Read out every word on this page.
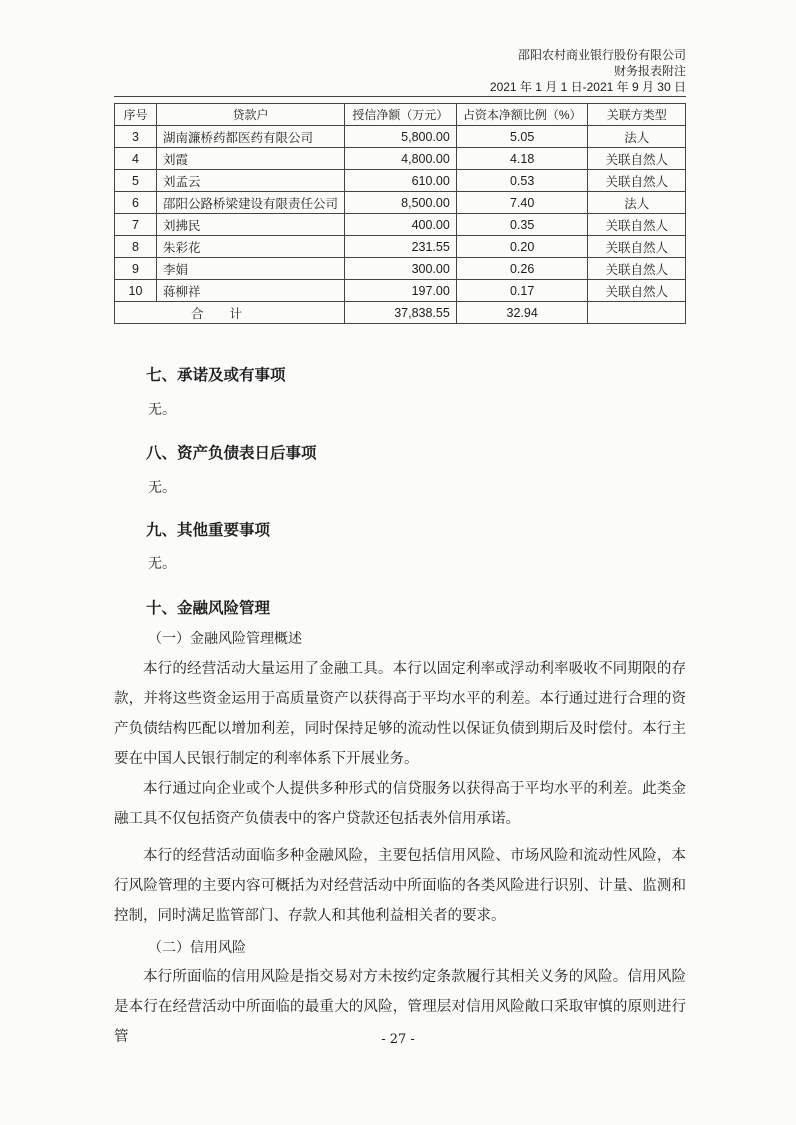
邵阳农村商业银行股份有限公司
财务报表附注
2021 年 1 月 1 日-2021 年 9 月 30 日
序号	贷款户	授信净额（万元）	占资本净额比例（%）	关联方类型
3	湖南濂桥药都医药有限公司	5,800.00	5.05	法人
4	刘霞	4,800.00	4.18	关联自然人
5	刘孟云	610.00	0.53	关联自然人
6	邵阳公路桥梁建设有限责任公司	8,500.00	7.40	法人
7	刘拂民	400.00	0.35	关联自然人
8	朱彩花	231.55	0.20	关联自然人
9	李娟	300.00	0.26	关联自然人
10	蒋柳祥	197.00	0.17	关联自然人
合计		37,838.55	32.94	
七、承诺及或有事项
无。
八、资产负债表日后事项
无。
九、其他重要事项
无。
十、金融风险管理
（一）金融风险管理概述
本行的经营活动大量运用了金融工具。本行以固定利率或浮动利率吸收不同期限的存款，并将这些资金运用于高质量资产以获得高于平均水平的利差。本行通过进行合理的资产负债结构匹配以增加利差，同时保持足够的流动性以保证负债到期后及时偿付。本行主要在中国人民银行制定的利率体系下开展业务。
本行通过向企业或个人提供多种形式的信贷服务以获得高于平均水平的利差。此类金融工具不仅包括资产负债表中的客户贷款还包括表外信用承诺。
本行的经营活动面临多种金融风险，主要包括信用风险、市场风险和流动性风险，本行风险管理的主要内容可概括为对经营活动中所面临的各类风险进行识别、计量、监测和控制，同时满足监管部门、存款人和其他利益相关者的要求。
（二）信用风险
本行所面临的信用风险是指交易对方未按约定条款履行其相关义务的风险。信用风险是本行在经营活动中所面临的最重大的风险，管理层对信用风险敞口采取审慎的原则进行管	- 27 -
